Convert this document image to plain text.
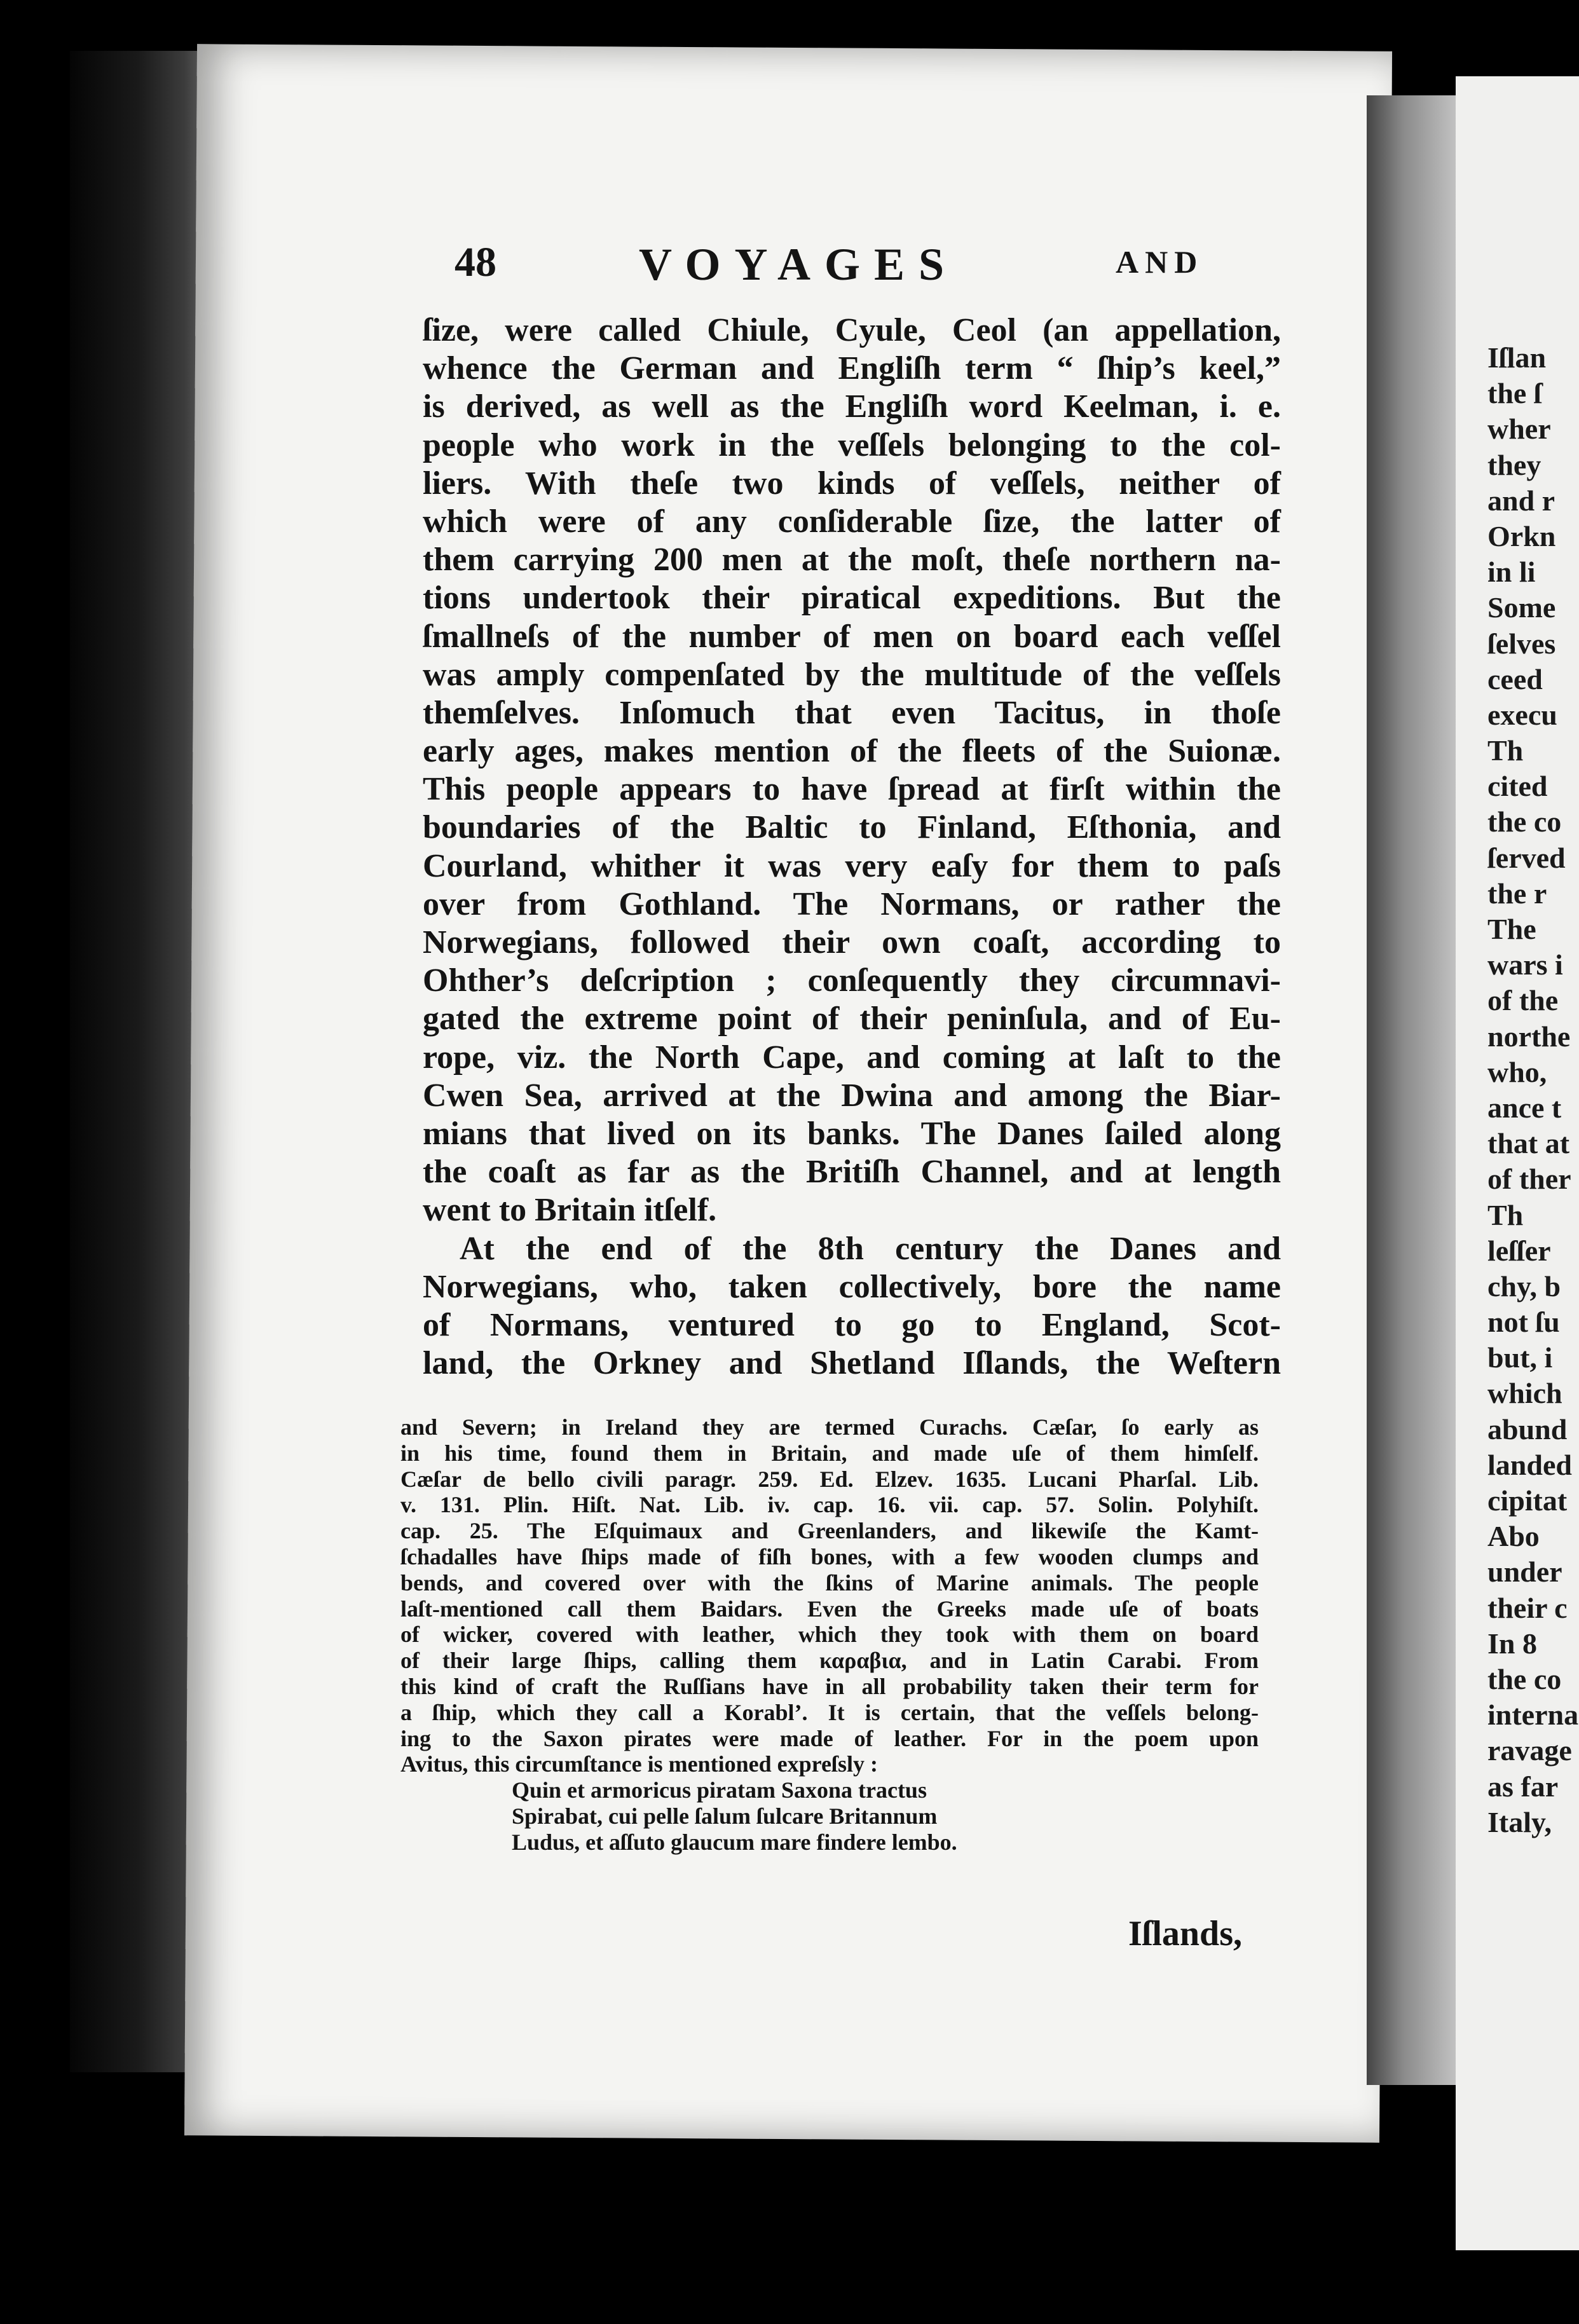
48	VOYAGES	AND
ſize, were called Chiule, Cyule, Ceol (an appellation,
whence the German and Engliſh term “ ſhip’s keel,”
is derived, as well as the Engliſh word Keelman, i. e.
people who work in the veſſels belonging to the col-
liers. With theſe two kinds of veſſels, neither of
which were of any conſiderable ſize, the latter of
them carrying 200 men at the moſt, theſe northern na-
tions undertook their piratical expeditions. But the
ſmallneſs of the number of men on board each veſſel
was amply compenſated by the multitude of the veſſels
themſelves. Inſomuch that even Tacitus, in thoſe
early ages, makes mention of the fleets of the Suionæ.
This people appears to have ſpread at firſt within the
boundaries of the Baltic to Finland, Eſthonia, and
Courland, whither it was very eaſy for them to paſs
over from Gothland. The Normans, or rather the
Norwegians, followed their own coaſt, according to
Ohther’s deſcription ; conſequently they circumnavi-
gated the extreme point of their peninſula, and of Eu-
rope, viz. the North Cape, and coming at laſt to the
Cwen Sea, arrived at the Dwina and among the Biar-
mians that lived on its banks. The Danes ſailed along
the coaſt as far as the Britiſh Channel, and at length
went to Britain itſelf.
At the end of the 8th century the Danes and
Norwegians, who, taken collectively, bore the name
of Normans, ventured to go to England, Scot-
land, the Orkney and Shetland Iſlands, the Weſtern
and Severn; in Ireland they are termed Curachs. Cæſar, ſo early as
in his time, found them in Britain, and made uſe of them himſelf.
Cæſar de bello civili paragr. 259. Ed. Elzev. 1635. Lucani Pharſal. Lib.
v. 131. Plin. Hiſt. Nat. Lib. iv. cap. 16. vii. cap. 57. Solin. Polyhiſt.
cap. 25. The Eſquimaux and Greenlanders, and likewiſe the Kamt-
ſchadalles have ſhips made of fiſh bones, with a few wooden clumps and
bends, and covered over with the ſkins of Marine animals. The people
laſt-mentioned call them Baidars. Even the Greeks made uſe of boats
of wicker, covered with leather, which they took with them on board
of their large ſhips, calling them καραβια, and in Latin Carabi. From
this kind of craft the Ruſſians have in all probability taken their term for
a ſhip, which they call a Korabl’. It is certain, that the veſſels belong-
ing to the Saxon pirates were made of leather. For in the poem upon
Avitus, this circumſtance is mentioned expreſsly :
Quin et armoricus piratam Saxona tractus
Spirabat, cui pelle ſalum ſulcare Britannum
Ludus, et aſſuto glaucum mare findere lembo.
Iſlands,
Iſlan
the ſ
wher
they
and r
Orkn
in li
Some
ſelves
ceed
execu
Th
cited
the co
ſerved
the r
The
wars i
of the
northe
who,
ance t
that at
of ther
Th
leſſer
chy, b
not ſu
but, i
which
abund
landed
cipitat
Abo
under
their c
In 8
the co
interna
ravage
as far
Italy,
